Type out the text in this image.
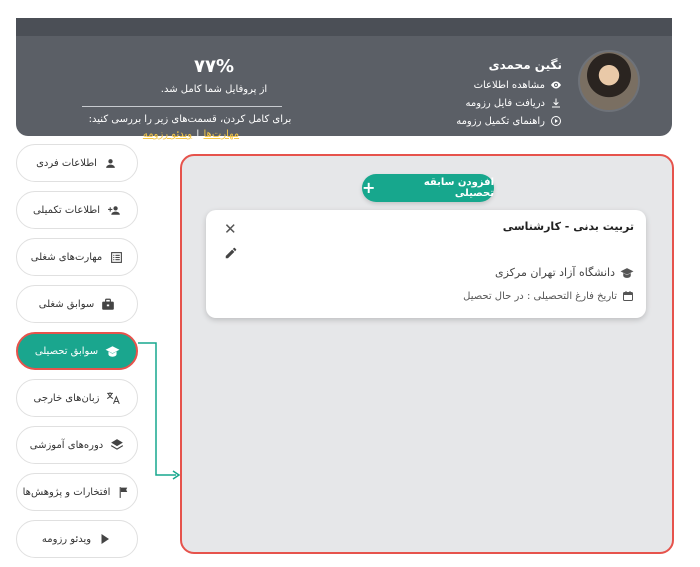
نگین محمدی
مشاهده اطلاعات
دریافت فایل رزومه
راهنمای تکمیل رزومه
۷۷%
از پروفایل شما کامل شد.
برای کامل کردن، قسمت‌های زیر را بررسی کنید:
مهارت‌ها|ویدئو رزومه
اطلاعات فردی
اطلاعات تکمیلی
مهارت‌های شغلی
سوابق شغلی
سوابق تحصیلی
زبان‌های خارجی
دوره‌های آموزشی
افتخارات و پژوهش‌ها
ویدئو رزومه
افزودن سابقه تحصیلی
+
تربیت بدنی - کارشناسی
✕
دانشگاه آزاد تهران مرکزی
تاریخ فارغ التحصیلی : در حال تحصیل
